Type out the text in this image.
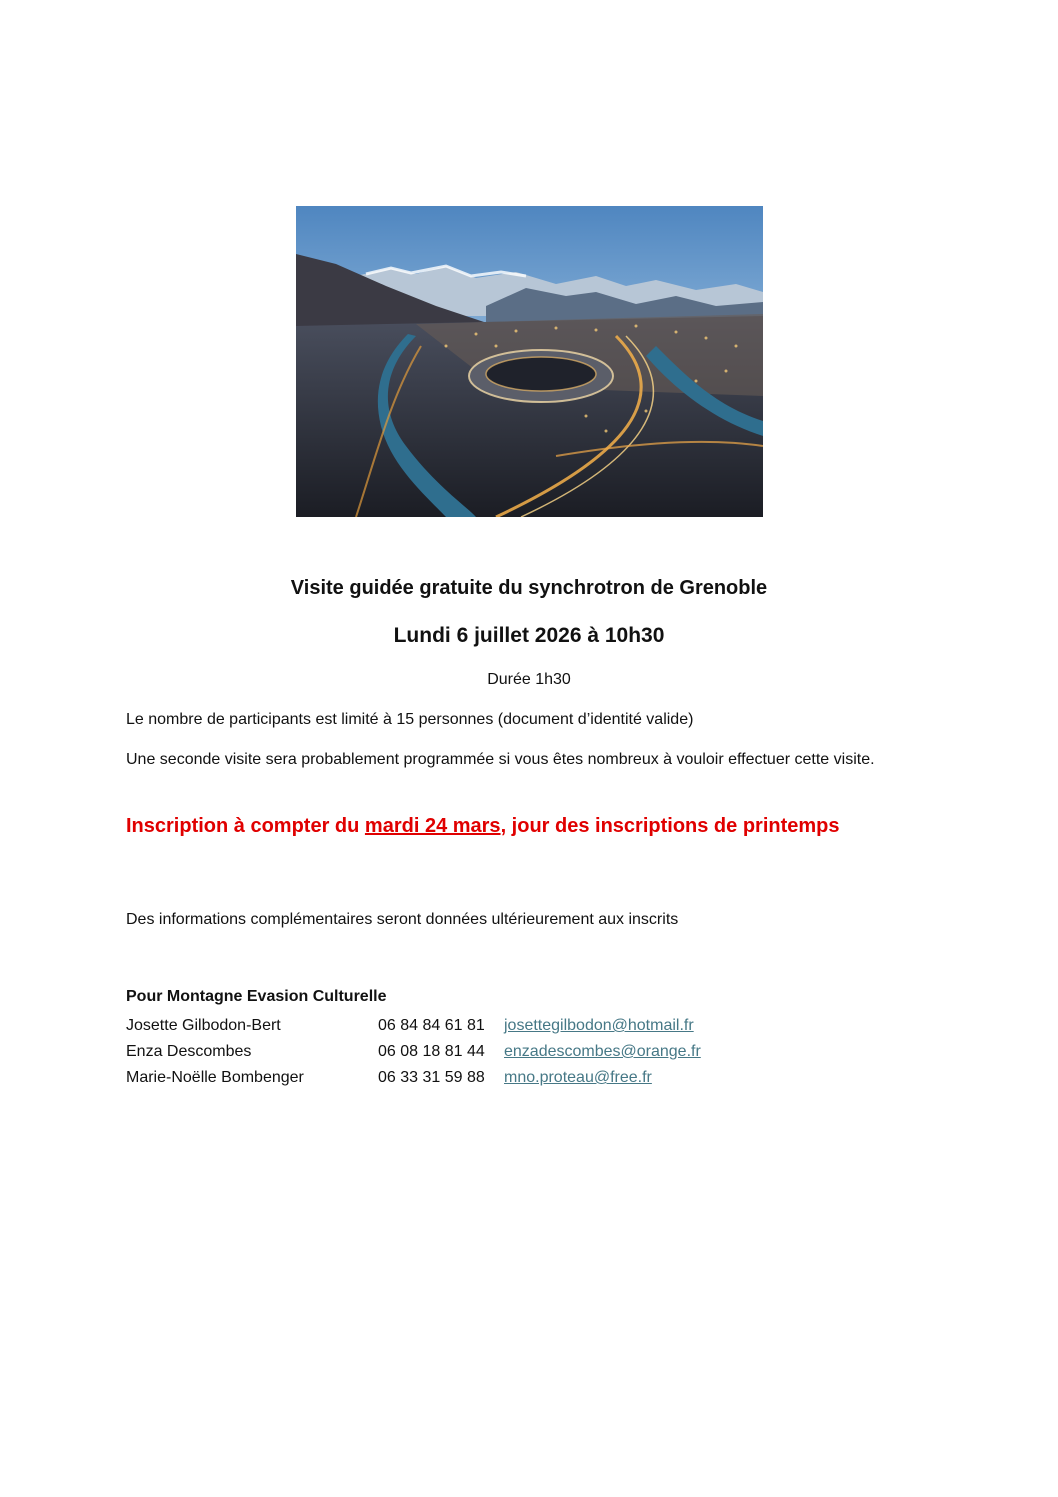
Visite guidée gratuite du synchrotron de Grenoble
Lundi 6 juillet 2026 à 10h30
Durée 1h30
Le nombre de participants est limité à 15 personnes (document d’identité valide)
Une seconde visite sera probablement programmée si vous êtes nombreux à vouloir effectuer cette visite.
Inscription à compter du mardi 24 mars, jour des inscriptions de printemps
Des informations complémentaires seront données ultérieurement aux inscrits
Pour Montagne Evasion Culturelle
Josette Gilbodon-Bert	06 84 84 61 81 josettegilbodon@hotmail.fr
Enza Descombes	06 08 18 81 44 enzadescombes@orange.fr
Marie-Noëlle Bombenger	06 33 31 59 88 mno.proteau@free.fr
